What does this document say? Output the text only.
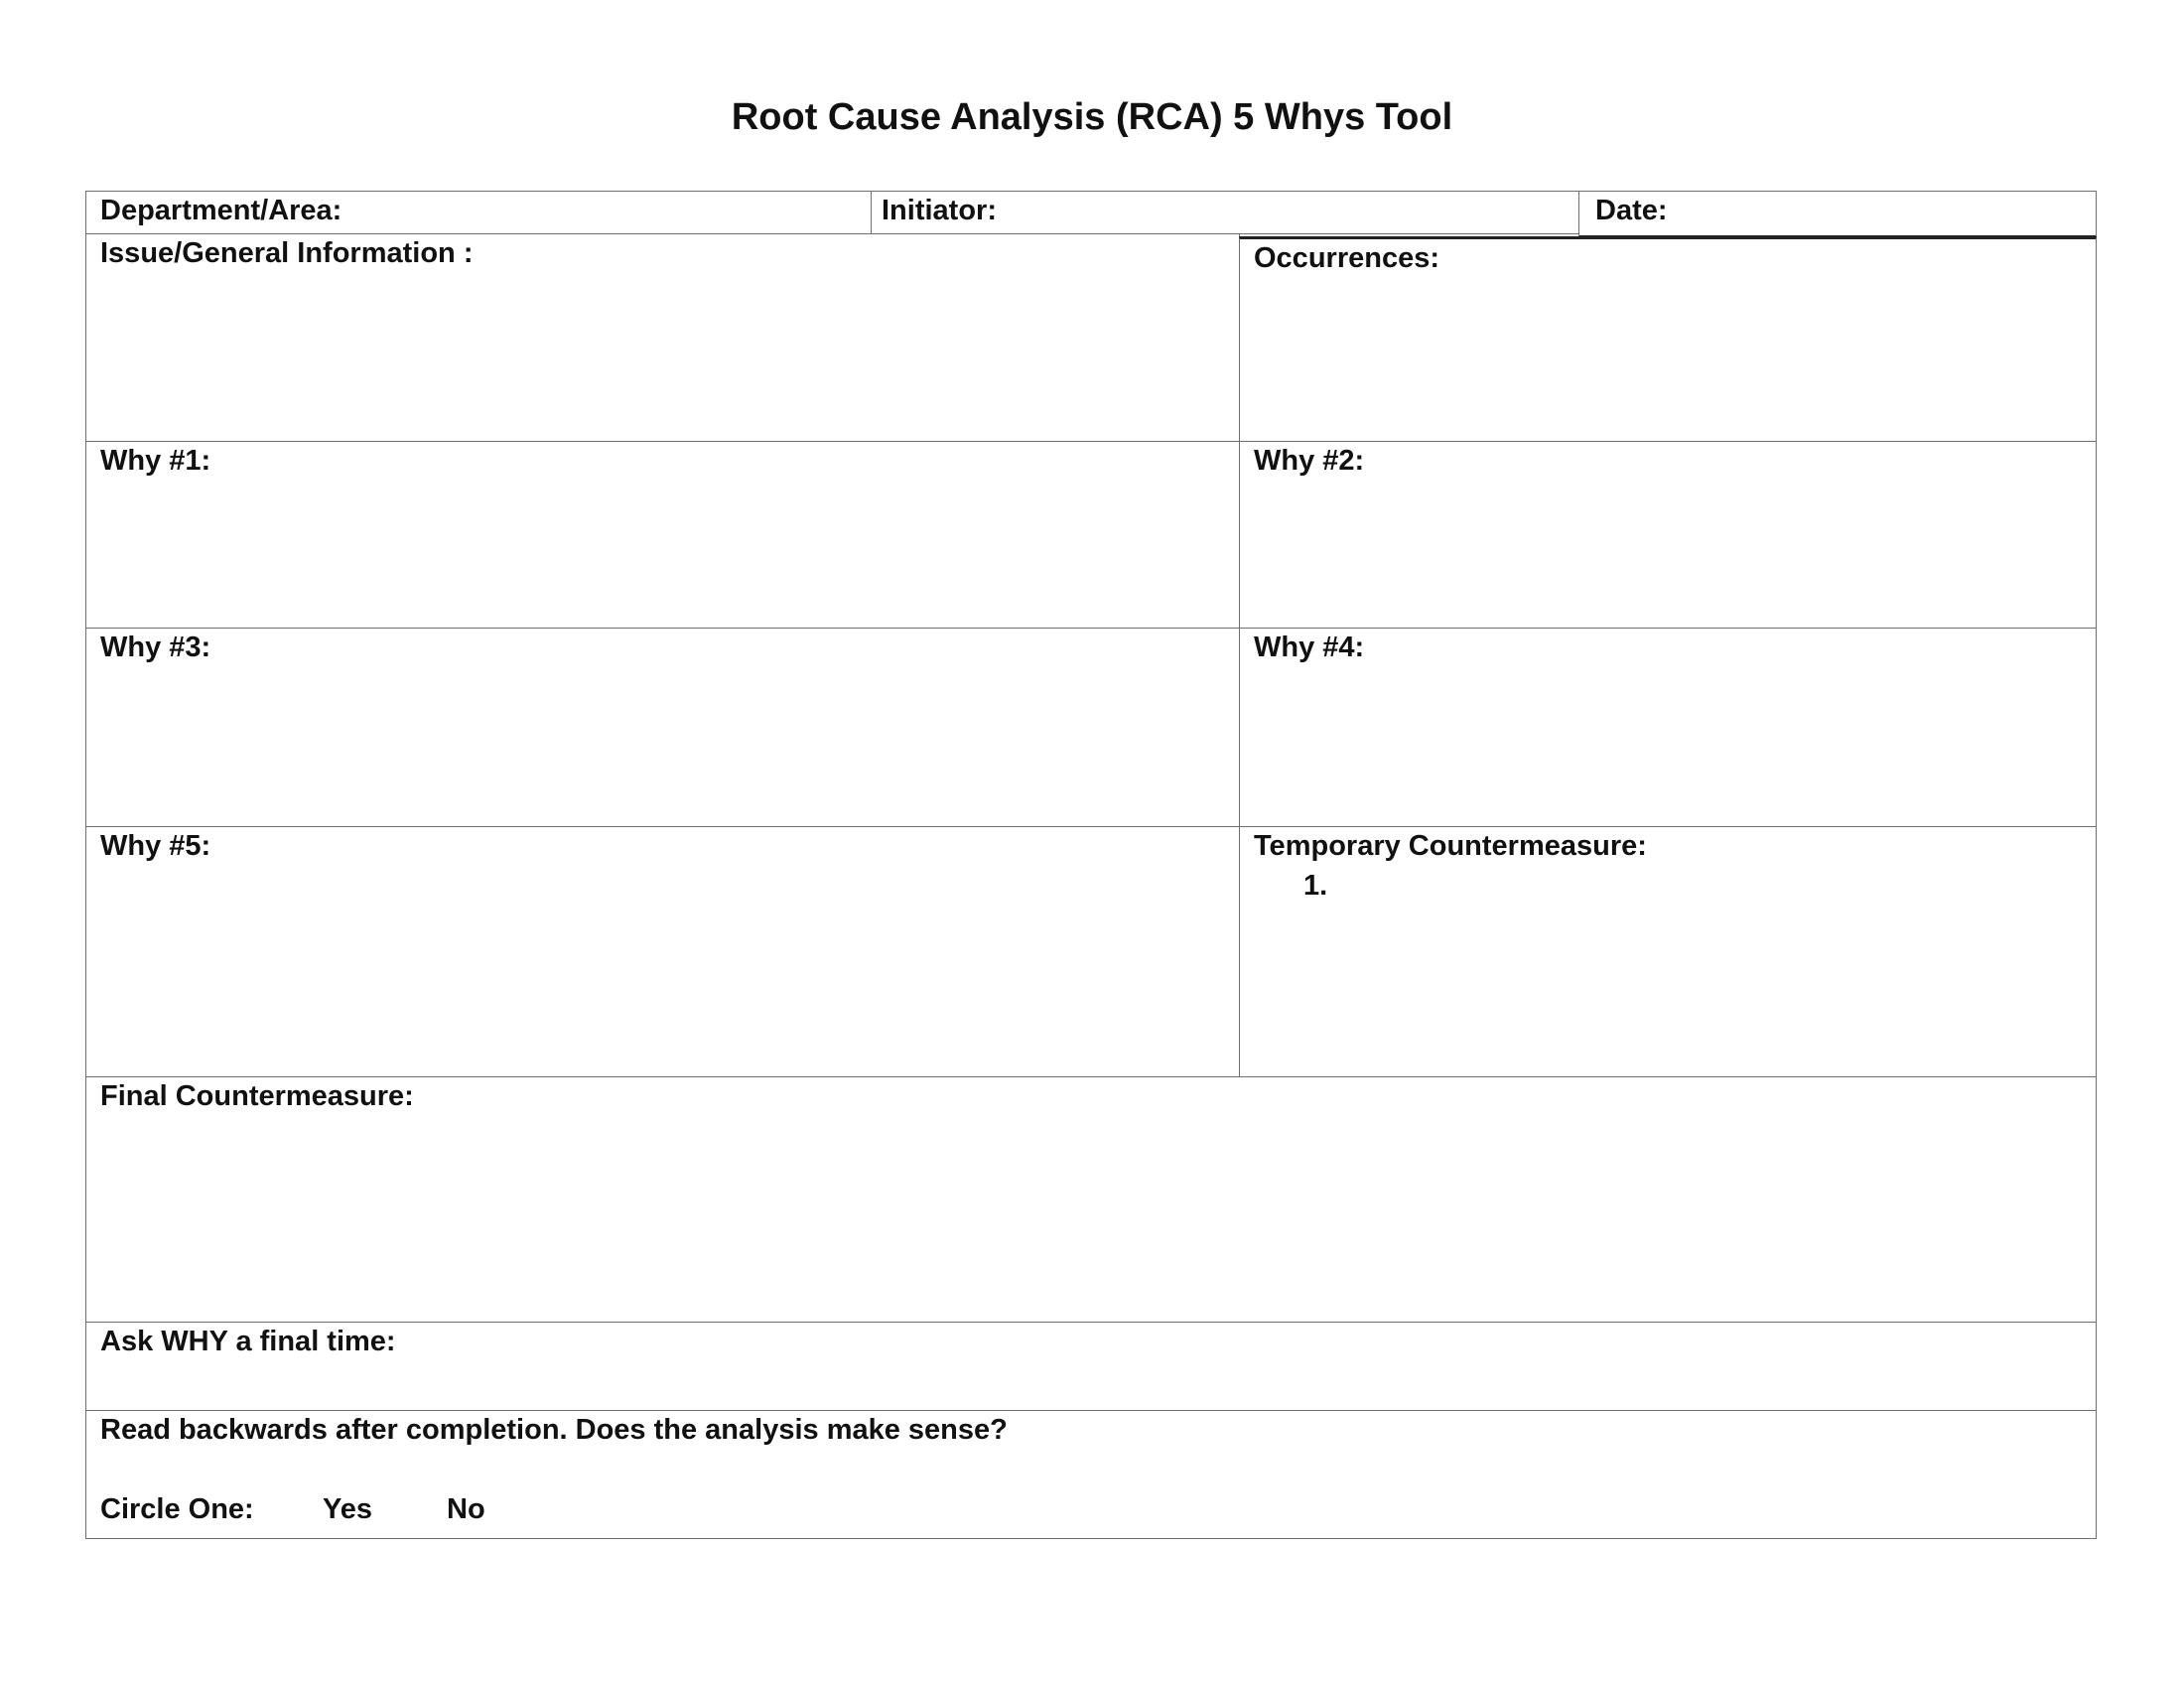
Root Cause Analysis (RCA) 5 Whys Tool
Department/Area:	Initiator:	Date:
Issue/General Information :	Occurrences:
Why #1:	Why #2:
Why #3:	Why #4:
Why #5:	Temporary Countermeasure:
1.
Final Countermeasure:
Ask WHY a final time:
Read backwards after completion. Does the analysis make sense?
Circle One: Yes	No
